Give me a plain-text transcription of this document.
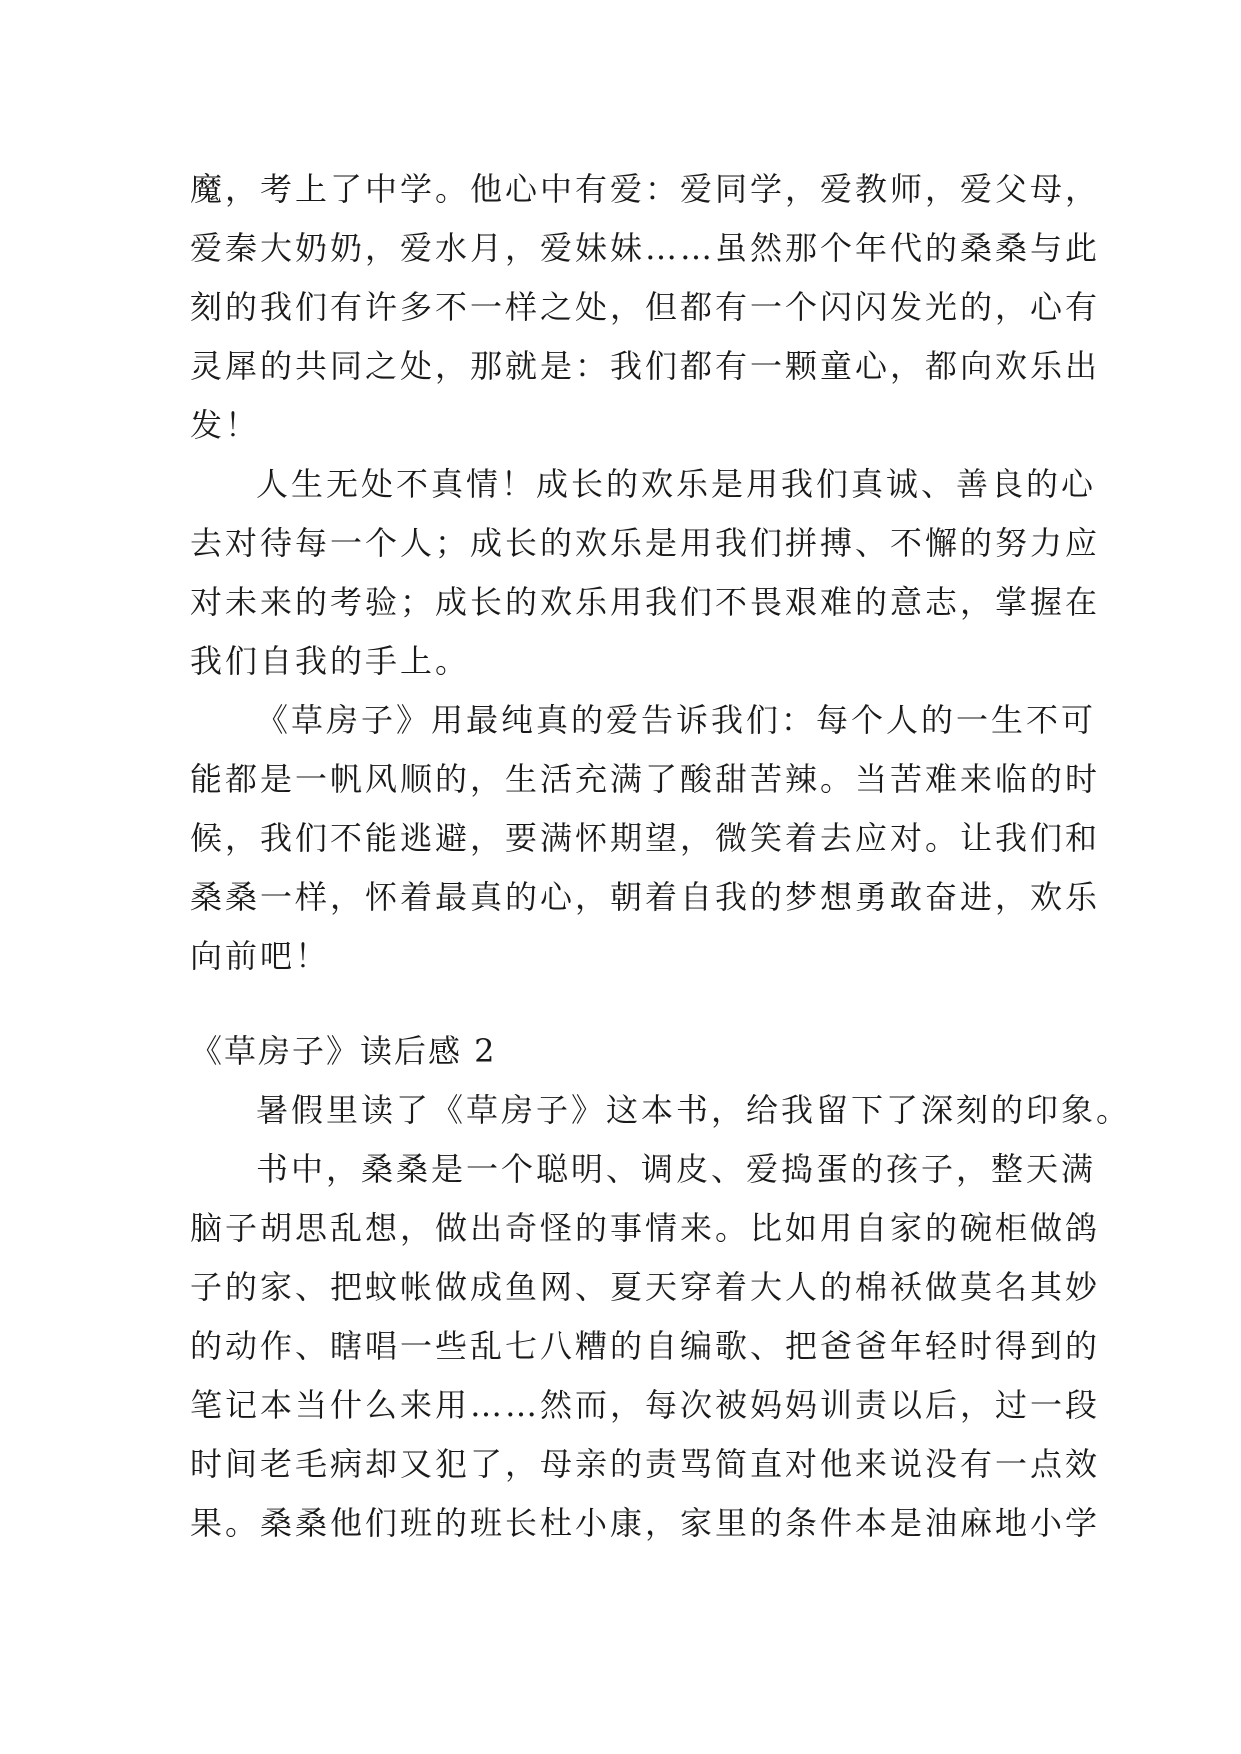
魔，考上了中学。他心中有爱：爱同学，爱教师，爱父母，
爱秦大奶奶，爱水月，爱妹妹……虽然那个年代的桑桑与此
刻的我们有许多不一样之处，但都有一个闪闪发光的，心有
灵犀的共同之处，那就是：我们都有一颗童心，都向欢乐出
发！
人生无处不真情！成长的欢乐是用我们真诚、善良的心
去对待每一个人；成长的欢乐是用我们拼搏、不懈的努力应
对未来的考验；成长的欢乐用我们不畏艰难的意志，掌握在
我们自我的手上。
《草房子》用最纯真的爱告诉我们：每个人的一生不可
能都是一帆风顺的，生活充满了酸甜苦辣。当苦难来临的时
候，我们不能逃避，要满怀期望，微笑着去应对。让我们和
桑桑一样，怀着最真的心，朝着自我的梦想勇敢奋进，欢乐
向前吧！
《草房子》读后感 2
暑假里读了《草房子》这本书，给我留下了深刻的印象。
书中，桑桑是一个聪明、调皮、爱捣蛋的孩子，整天满
脑子胡思乱想，做出奇怪的事情来。比如用自家的碗柜做鸽
子的家、把蚊帐做成鱼网、夏天穿着大人的棉袄做莫名其妙
的动作、瞎唱一些乱七八糟的自编歌、把爸爸年轻时得到的
笔记本当什么来用……然而，每次被妈妈训责以后，过一段
时间老毛病却又犯了，母亲的责骂简直对他来说没有一点效
果。桑桑他们班的班长杜小康，家里的条件本是油麻地小学
